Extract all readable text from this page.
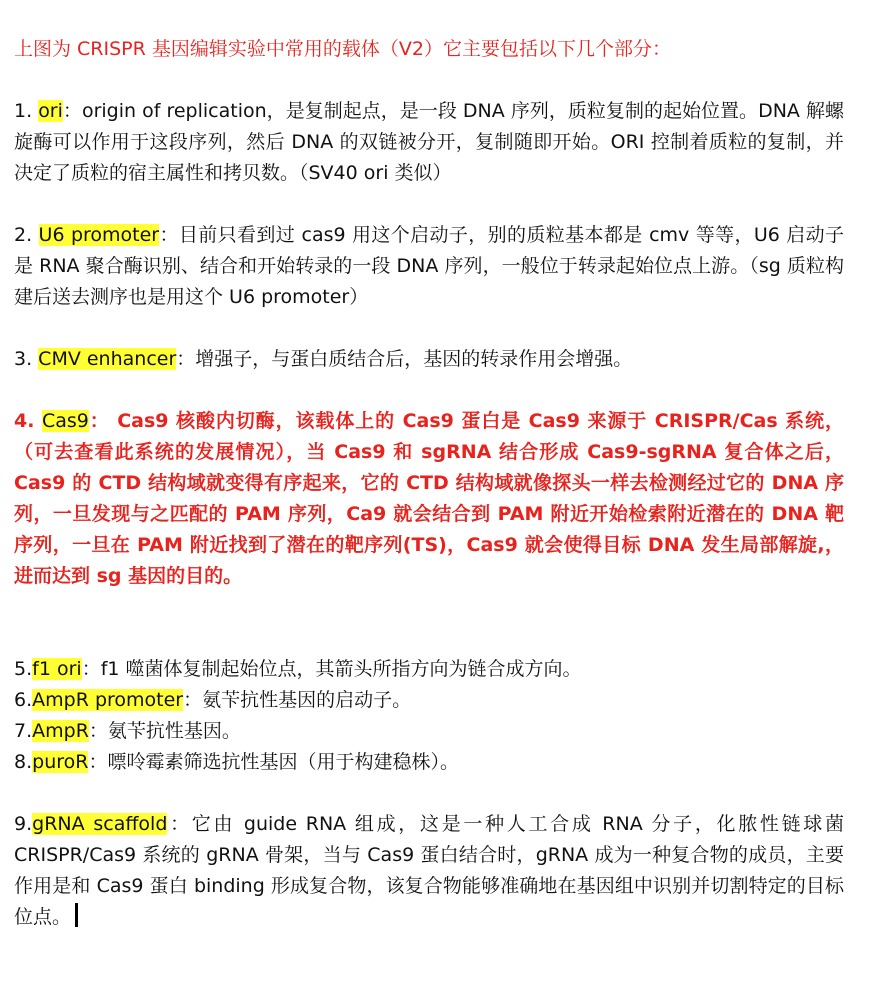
上图为 CRISPR 基因编辑实验中常用的载体（V2）它主要包括以下几个部分：
1. ori：origin of replication，是复制起点，是一段 DNA 序列，质粒复制的起始位置。DNA 解螺旋酶可以作用于这段序列，然后 DNA 的双链被分开，复制随即开始。ORI 控制着质粒的复制，并决定了质粒的宿主属性和拷贝数。（SV40 ori 类似）
2. U6 promoter：目前只看到过 cas9 用这个启动子，别的质粒基本都是 cmv 等等，U6 启动子是 RNA 聚合酶识别、结合和开始转录的一段 DNA 序列，一般位于转录起始位点上游。（sg 质粒构建后送去测序也是用这个 U6 promoter）
3. CMV enhancer：增强子，与蛋白质结合后，基因的转录作用会增强。
4. Cas9： Cas9 核酸内切酶，该载体上的 Cas9 蛋白是 Cas9 来源于 CRISPR/Cas 系统，（可去查看此系统的发展情况），当 Cas9 和 sgRNA 结合形成 Cas9-sgRNA 复合体之后，Cas9 的 CTD 结构域就变得有序起来，它的 CTD 结构域就像探头一样去检测经过它的 DNA 序列，一旦发现与之匹配的 PAM 序列，Ca9 就会结合到 PAM 附近开始检索附近潜在的 DNA 靶序列，一旦在 PAM 附近找到了潜在的靶序列(TS)，Cas9 就会使得目标 DNA 发生局部解旋,，进而达到 sg 基因的目的。
5.f1 ori：f1 噬菌体复制起始位点，其箭头所指方向为链合成方向。
6.AmpR promoter：氨苄抗性基因的启动子。
7.AmpR：氨苄抗性基因。
8.puroR：嘌呤霉素筛选抗性基因（用于构建稳株）。
9.gRNA scaffold：它由 guide RNA 组成，这是一种人工合成 RNA 分子，化脓性链球菌 CRISPR/Cas9 系统的 gRNA 骨架，当与 Cas9 蛋白结合时，gRNA 成为一种复合物的成员，主要作用是和 Cas9 蛋白 binding 形成复合物，该复合物能够准确地在基因组中识别并切割特定的目标位点。
